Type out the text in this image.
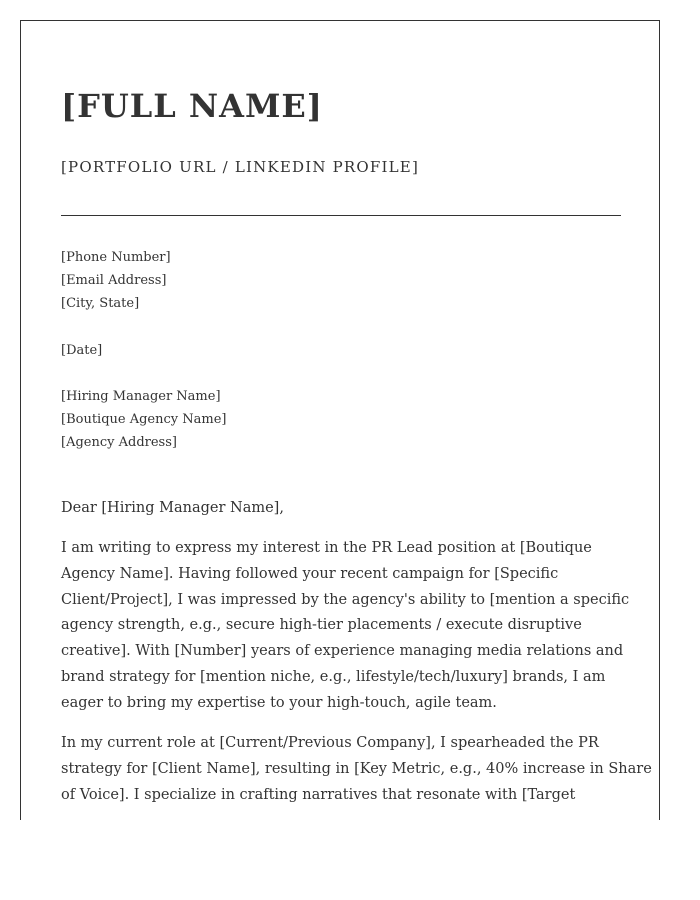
[FULL NAME]
[PORTFOLIO URL / LINKEDIN PROFILE]
[Phone Number]
[Email Address]
[City, State]
[Date]
[Hiring Manager Name]
[Boutique Agency Name]
[Agency Address]
Dear [Hiring Manager Name],
I am writing to express my interest in the PR Lead position at [Boutique
Agency Name]. Having followed your recent campaign for [Specific
Client/Project], I was impressed by the agency's ability to [mention a specific
agency strength, e.g., secure high-tier placements / execute disruptive
creative]. With [Number] years of experience managing media relations and
brand strategy for [mention niche, e.g., lifestyle/tech/luxury] brands, I am
eager to bring my expertise to your high-touch, agile team.
In my current role at [Current/Previous Company], I spearheaded the PR
strategy for [Client Name], resulting in [Key Metric, e.g., 40% increase in Share
of Voice]. I specialize in crafting narratives that resonate with [Target
